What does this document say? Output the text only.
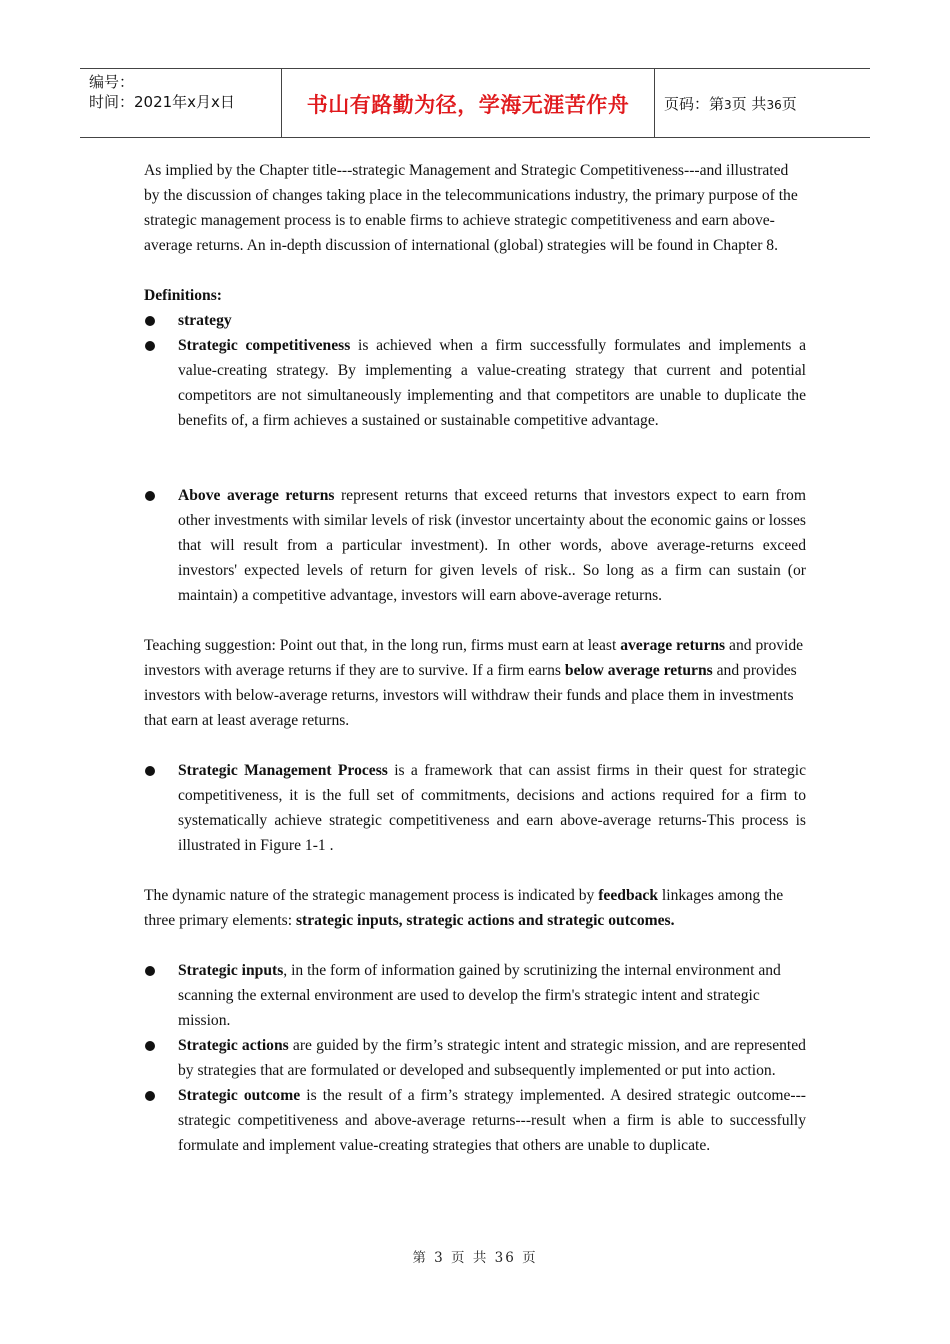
编号：
时间：2021年x月x日	书山有路勤为径，学海无涯苦作舟	页码：第3页 共36页

As implied by the Chapter title---strategic Management and Strategic Competitiveness---and illustrated by the discussion of changes taking place in the telecommunications industry, the primary purpose of the strategic management process is to enable firms to achieve strategic competitiveness and earn above-average returns. An in-depth discussion of international (global) strategies will be found in Chapter 8.

Definitions:

strategy
Strategic competitiveness is achieved when a firm successfully formulates and implements a value-creating strategy. By implementing a value-creating strategy that current and potential competitors are not simultaneously implementing and that competitors are unable to duplicate the benefits of, a firm achieves a sustained or sustainable competitive advantage.
Above average returns represent returns that exceed returns that investors expect to earn from other investments with similar levels of risk (investor uncertainty about the economic gains or losses that will result from a particular investment). In other words, above average-returns exceed investors' expected levels of return for given levels of risk.. So long as a firm can sustain (or maintain) a competitive advantage, investors will earn above-average returns.

Teaching suggestion: Point out that, in the long run, firms must earn at least average returns and provide investors with average returns if they are to survive. If a firm earns below average returns and provides investors with below-average returns, investors will withdraw their funds and place them in investments that earn at least average returns.

Strategic Management Process is a framework that can assist firms in their quest for strategic competitiveness, it is the full set of commitments, decisions and actions required for a firm to systematically achieve strategic competitiveness and earn above-average returns-This process is illustrated in Figure 1-1 .

The dynamic nature of the strategic management process is indicated by feedback linkages among the three primary elements: strategic inputs, strategic actions and strategic outcomes.

Strategic inputs, in the form of information gained by scrutinizing the internal environment and scanning the external environment are used to develop the firm's strategic intent and strategic mission.
Strategic actions are guided by the firm’s strategic intent and strategic mission, and are represented by strategies that are formulated or developed and subsequently implemented or put into action.
Strategic outcome is the result of a firm’s strategy implemented. A desired strategic outcome---strategic competitiveness and above-average returns---result when a firm is able to successfully formulate and implement value-creating strategies that others are unable to duplicate.
第 3 页 共 36 页
